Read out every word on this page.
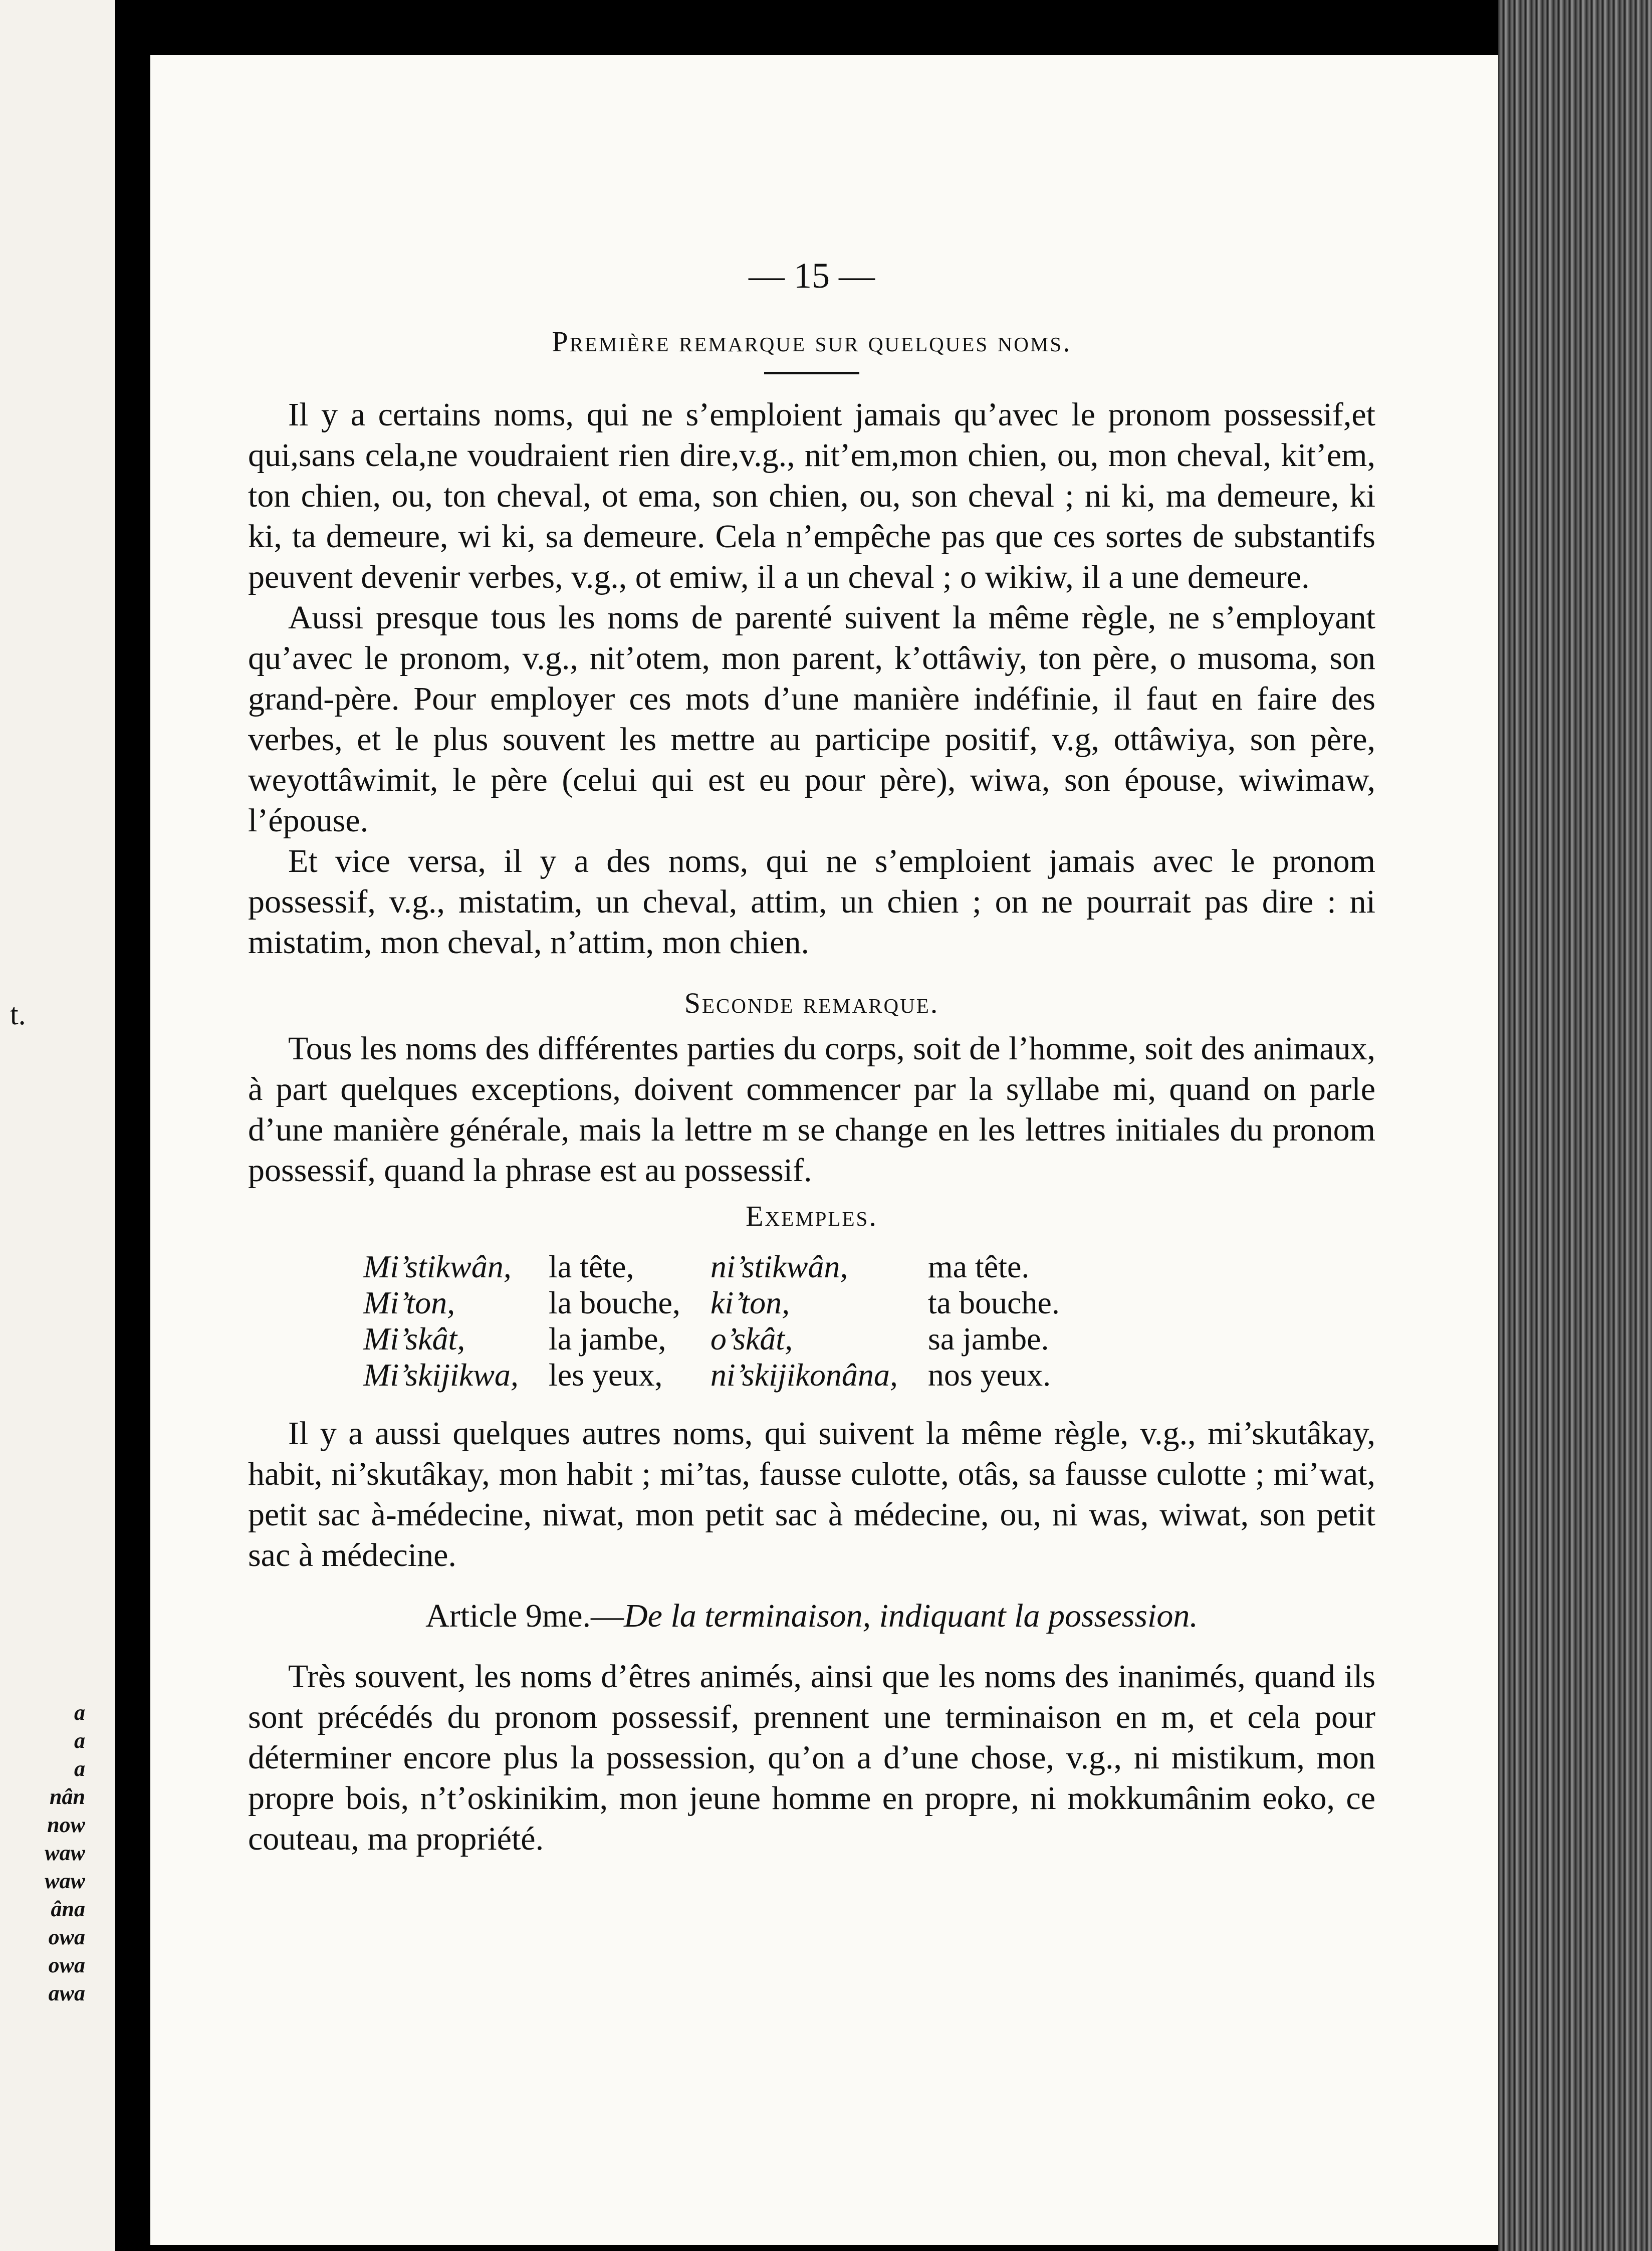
t.
a
a
a
nân
now
waw
waw
âna
owa
owa
awa
— 15 —
Première remarque sur quelques noms.

Il y a certains noms, qui ne s’emploient jamais qu’avec le pronom possessif,et qui,sans cela,ne voudraient rien dire,v.g., nit’em,mon chien, ou, mon cheval, kit’em, ton chien, ou, ton cheval, ot ema, son chien, ou, son cheval ; ni ki, ma demeure, ki ki, ta demeure, wi ki, sa demeure. Cela n’empêche pas que ces sortes de substantifs peuvent devenir verbes, v.g., ot emiw, il a un cheval ; o wikiw, il a une demeure.

Aussi presque tous les noms de parenté suivent la même règle, ne s’employant qu’avec le pronom, v.g., nit’otem, mon parent, k’ottâwiy, ton père, o musoma, son grand-père. Pour employer ces mots d’une manière indéfinie, il faut en faire des verbes, et le plus souvent les mettre au participe positif, v.g, ottâwiya, son père, weyottâwimit, le père (celui qui est eu pour père), wiwa, son épouse, wiwimaw, l’épouse.

Et vice versa, il y a des noms, qui ne s’emploient jamais avec le pronom possessif, v.g., mistatim, un cheval, attim, un chien ; on ne pourrait pas dire : ni mistatim, mon cheval, n’attim, mon chien.

Seconde remarque.

Tous les noms des différentes parties du corps, soit de l’homme, soit des animaux, à part quelques exceptions, doivent commencer par la syllabe mi, quand on parle d’une manière générale, mais la lettre m se change en les lettres initiales du pronom possessif, quand la phrase est au possessif.

Exemples.
Mi’stikwân,	la tête,	ni’stikwân,	ma tête.
Mi’ton,	la bouche,	ki’ton,	ta bouche.
Mi’skât,	la jambe,	o’skât,	sa jambe.
Mi’skijikwa,	les yeux,	ni’skijikonâna,	nos yeux.

Il y a aussi quelques autres noms, qui suivent la même règle, v.g., mi’skutâkay, habit, ni’skutâkay, mon habit ; mi’tas, fausse culotte, otâs, sa fausse culotte ; mi’wat, petit sac à-médecine, niwat, mon petit sac à médecine, ou, ni was, wiwat, son petit sac à médecine.

Article 9me.—De la terminaison, indiquant la possession.

Très souvent, les noms d’êtres animés, ainsi que les noms des inanimés, quand ils sont précédés du pronom possessif, prennent une terminaison en m, et cela pour déterminer encore plus la possession, qu’on a d’une chose, v.g., ni mistikum, mon propre bois, n’t’oskinikim, mon jeune homme en propre, ni mokkumânim eoko, ce couteau, ma propriété.
